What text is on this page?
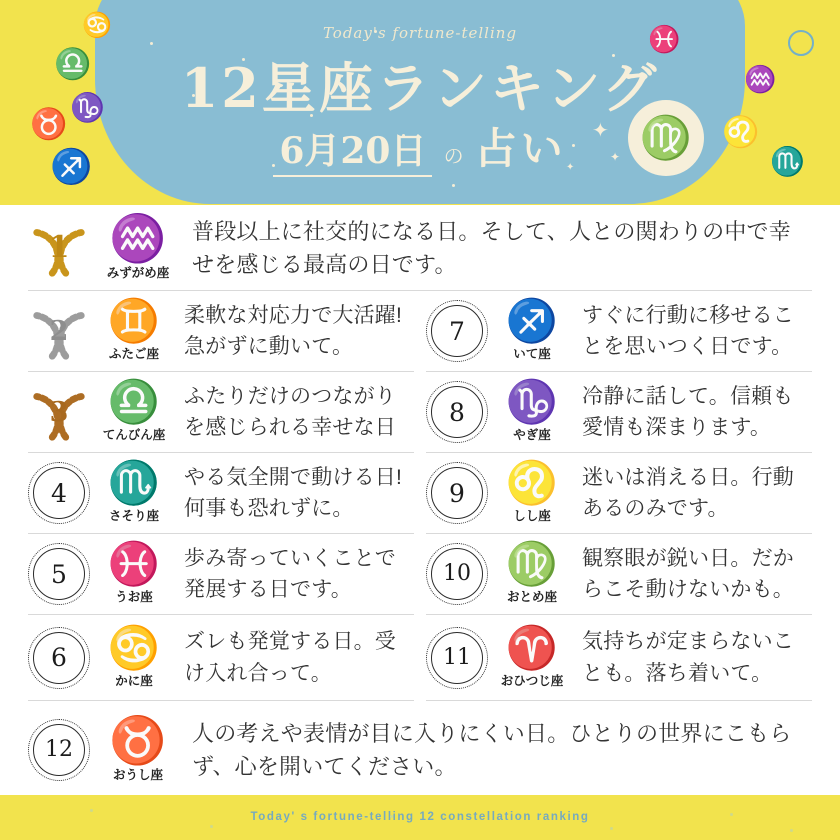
♋
♎
♑
♉
♐
♓
♒
♏
♌
♍
Today's fortune-telling
12星座ランキング
6月20日 の 占い	✦
✦
✦
1 ♒
みずがめ座

普段以上に社交的になる日。そして、人との関わりの中で幸せを感じる最高の日です。

2 ♊
ふたご座

柔軟な対応力で大活躍!急がずに動いて。

3 ♎
てんびん座

ふたりだけのつながりを感じられる幸せな日

4 ♏
さそり座

やる気全開で動ける日!何事も恐れずに。

5 ♓
うお座

歩み寄っていくことで発展する日です。

6 ♋
かに座

ズレも発覚する日。受け入れ合って。

7 ♐
いて座

すぐに行動に移せることを思いつく日です。

8 ♑
やぎ座

冷静に話して。信頼も愛情も深まります。

9 ♌
しし座

迷いは消える日。行動あるのみです。

10 ♍
おとめ座

観察眼が鋭い日。だからこそ動けないかも。

11 ♈
おひつじ座

気持ちが定まらないことも。落ち着いて。

12 ♉
おうし座

人の考えや表情が目に入りにくい日。ひとりの世界にこもらず、心を開いてください。

Today' s fortune-telling 12 constellation ranking
